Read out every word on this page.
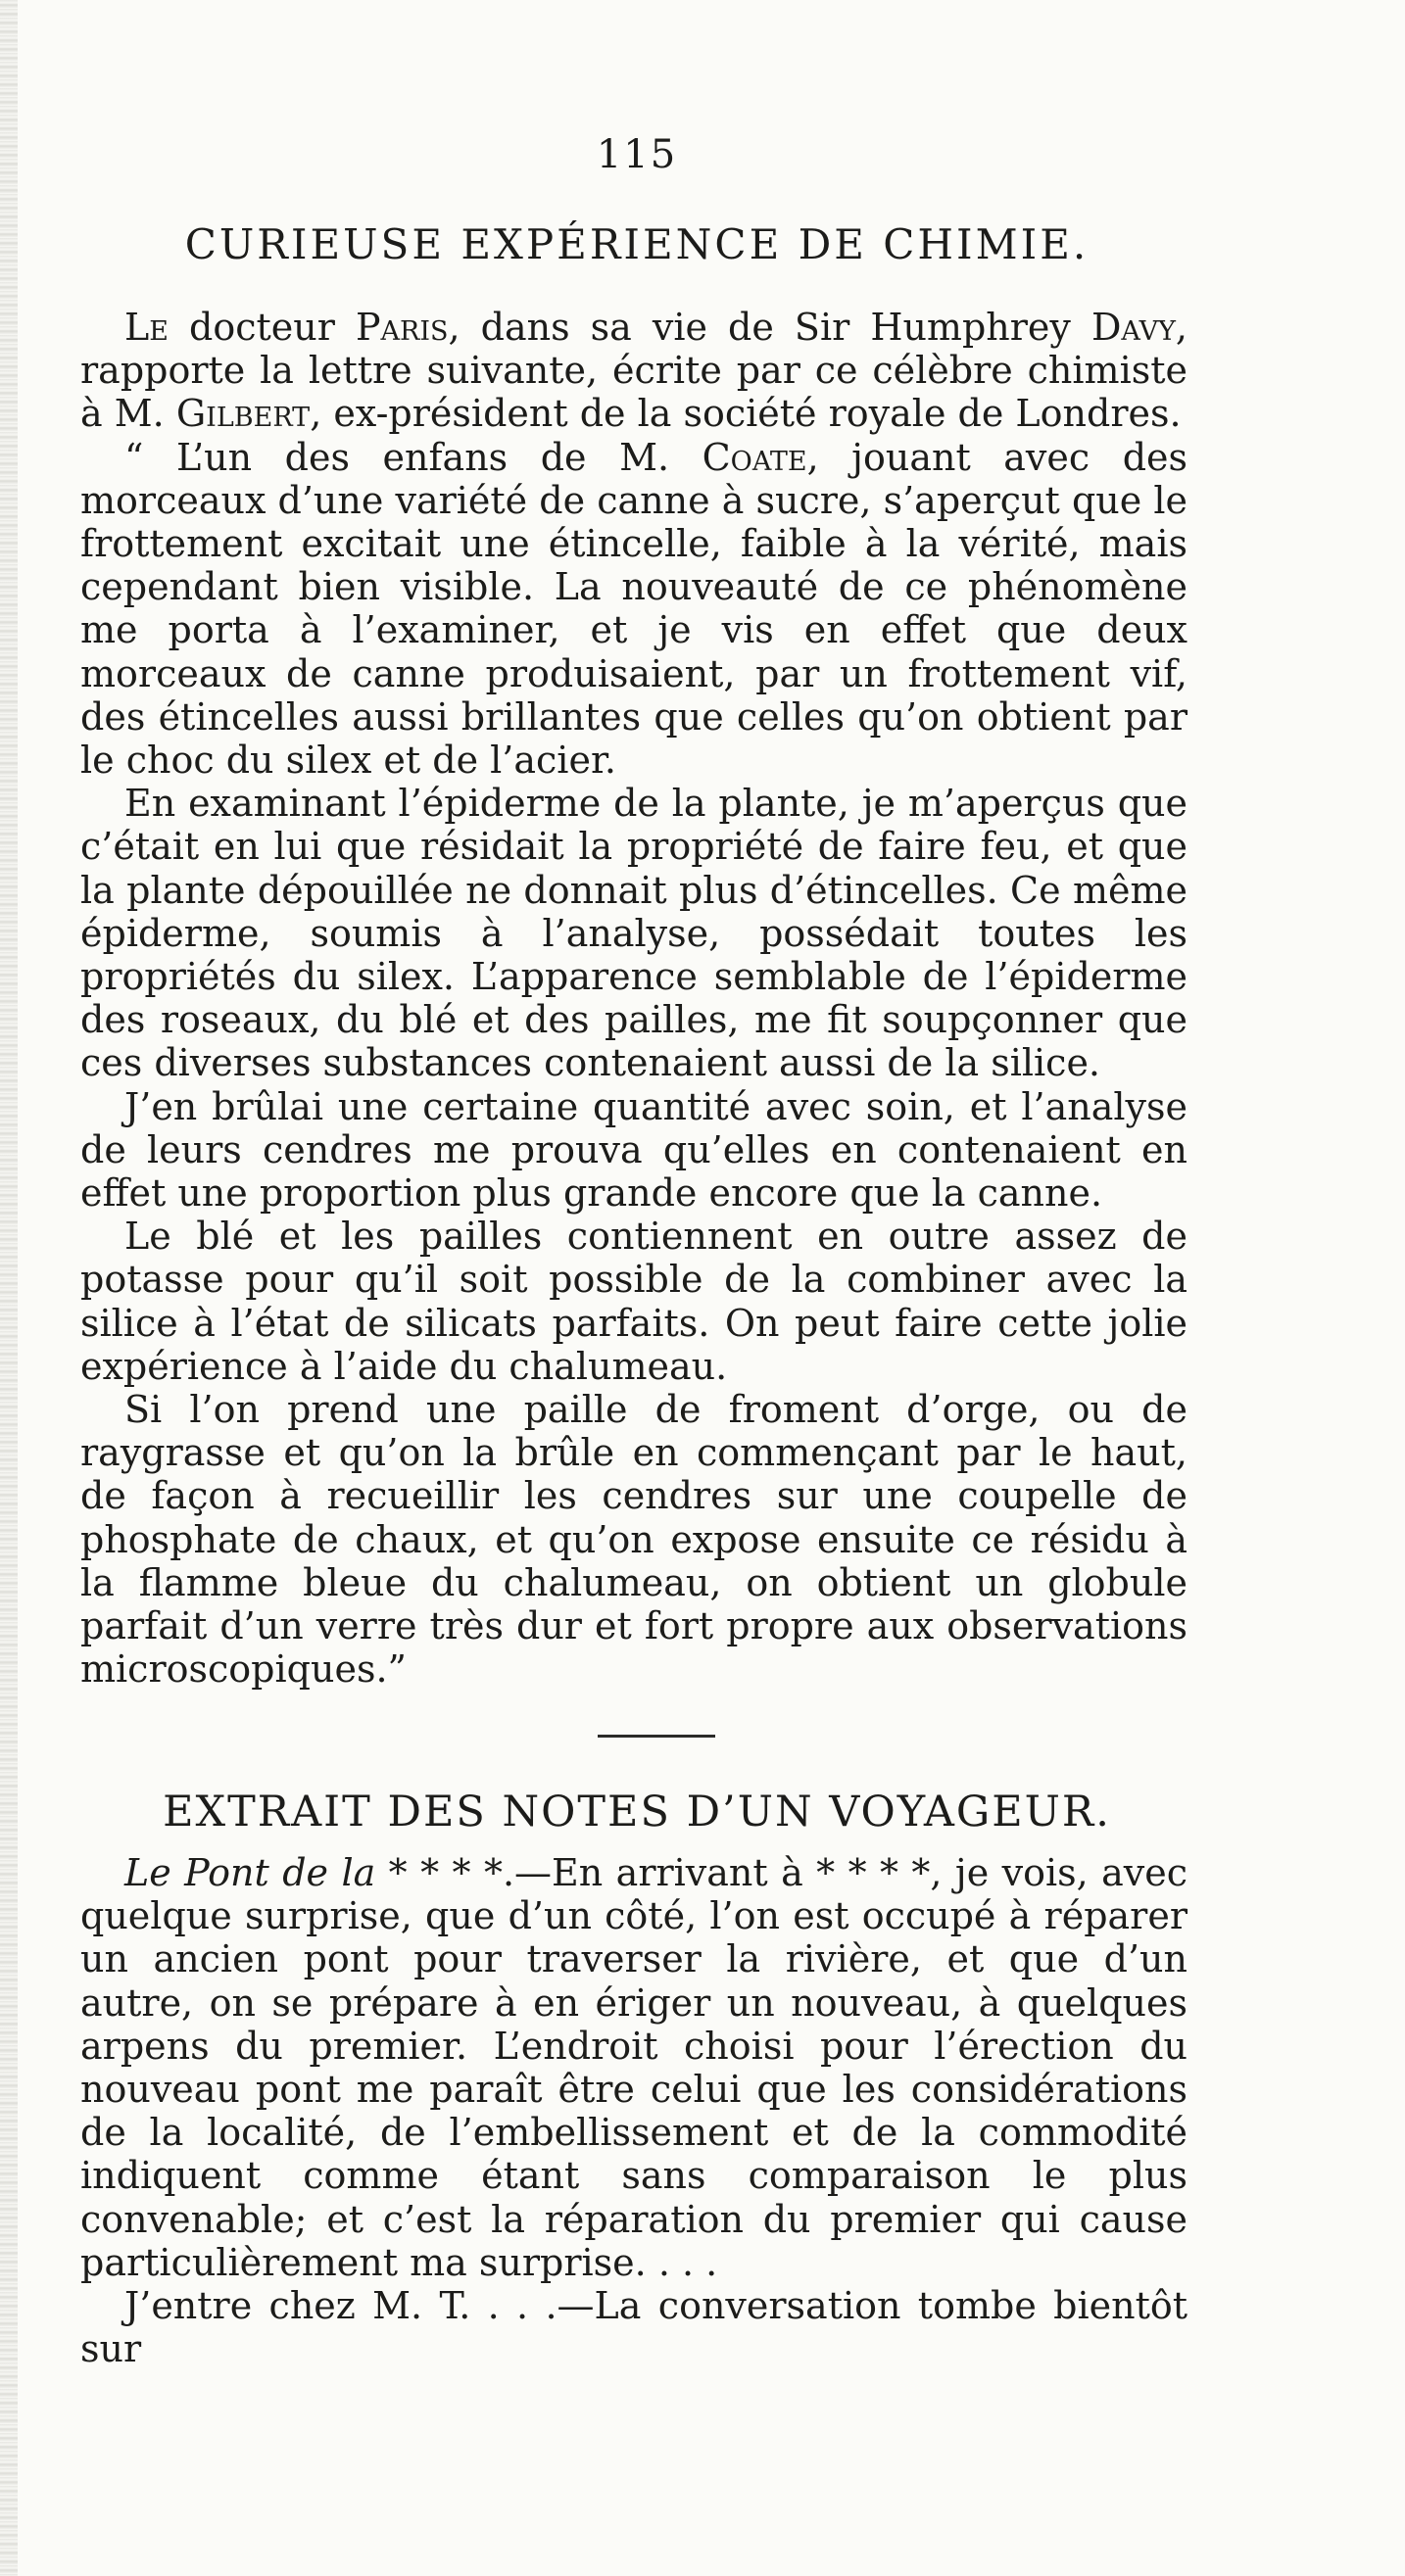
115
CURIEUSE EXPÉRIENCE DE CHIMIE.

Le docteur Paris, dans sa vie de Sir Humphrey Davy, rapporte la lettre suivante, écrite par ce célèbre chimiste à M. Gilbert, ex-président de la société royale de Londres.

“ L’un des enfans de M. Coate, jouant avec des morceaux d’une variété de canne à sucre, s’aperçut que le frottement excitait une étincelle, faible à la vérité, mais cependant bien visible. La nouveauté de ce phénomène me porta à l’examiner, et je vis en effet que deux morceaux de canne produisaient, par un frottement vif, des étincelles aussi brillantes que celles qu’on obtient par le choc du silex et de l’acier.

En examinant l’épiderme de la plante, je m’aperçus que c’était en lui que résidait la propriété de faire feu, et que la plante dépouillée ne donnait plus d’étincelles. Ce même épiderme, soumis à l’analyse, possédait toutes les propriétés du silex. L’apparence semblable de l’épiderme des roseaux, du blé et des pailles, me fit soupçonner que ces diverses substances contenaient aussi de la silice.

J’en brûlai une certaine quantité avec soin, et l’analyse de leurs cendres me prouva qu’elles en contenaient en effet une proportion plus grande encore que la canne.

Le blé et les pailles contiennent en outre assez de potasse pour qu’il soit possible de la combiner avec la silice à l’état de silicats parfaits. On peut faire cette jolie expérience à l’aide du chalumeau.

Si l’on prend une paille de froment d’orge, ou de raygrasse et qu’on la brûle en commençant par le haut, de façon à recueillir les cendres sur une coupelle de phosphate de chaux, et qu’on expose ensuite ce résidu à la flamme bleue du chalumeau, on obtient un globule parfait d’un verre très dur et fort propre aux observations microscopiques.”

EXTRAIT DES NOTES D’UN VOYAGEUR.

Le Pont de la * * * *.—En arrivant à * * * *, je vois, avec quelque surprise, que d’un côté, l’on est occupé à réparer un ancien pont pour traverser la rivière, et que d’un autre, on se prépare à en ériger un nouveau, à quelques arpens du premier. L’endroit choisi pour l’érection du nouveau pont me paraît être celui que les considérations de la localité, de l’embellissement et de la commodité indiquent comme étant sans comparaison le plus convenable; et c’est la réparation du premier qui cause particulièrement ma surprise. . . .

J’entre chez M. T. . . .—La conversation tombe bientôt sur
